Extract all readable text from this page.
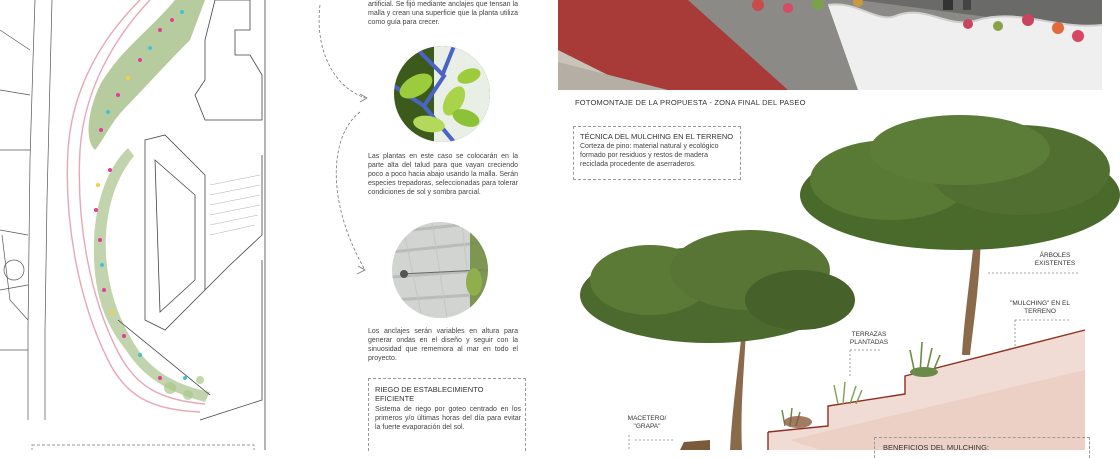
artificial. Se fijó mediante anclajes que tensan la malla y crean una superficie que la planta utiliza como guía para crecer.
Las plantas en este caso se colocarán en la parte alta del talud para que vayan creciendo poco a poco hacia abajo usando la malla. Serán especies trepadoras, seleccionadas para tolerar condiciones de sol y sombra parcial.
Los anclajes serán variables en altura para generar ondas en el diseño y seguir con la sinuosidad que rememora al mar en todo el proyecto.
RIEGO DE ESTABLECIMIENTO EFICIENTE
Sistema de riego por goteo centrado en los primeros y/o últimas horas del día para evitar la fuerte evaporación del sol.
FOTOMONTAJE DE LA PROPUESTA - ZONA FINAL DEL PASEO
TÉCNICA DEL MULCHING EN EL TERRENO
Corteza de pino: material natural y ecológico formado por residuos y restos de madera reciclada procedente de aserraderos.
ÁRBOLES EXISTENTES
"MULCHING" EN EL TERRENO
TERRAZAS PLANTADAS
MACETERO/ "GRAPA"
BENEFICIOS DEL MULCHING:
